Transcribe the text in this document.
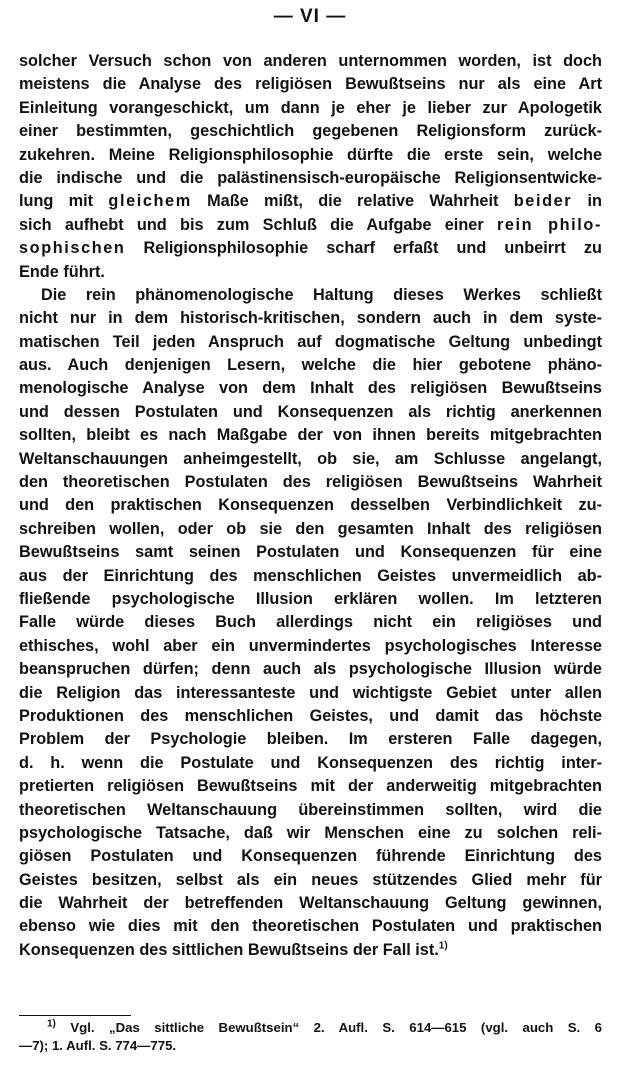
— VI —
solcher Versuch schon von anderen unternommen worden, ist doch
meistens die Analyse des religiösen Bewußtseins nur als eine Art
Einleitung vorangeschickt, um dann je eher je lieber zur Apologetik
einer bestimmten, geschichtlich gegebenen Religionsform zurück-
zukehren. Meine Religionsphilosophie dürfte die erste sein, welche
die indische und die palästinensisch-europäische Religionsentwicke-
lung mit gleichem Maße mißt, die relative Wahrheit beider in
sich aufhebt und bis zum Schluß die Aufgabe einer rein philo-
sophischen Religionsphilosophie scharf erfaßt und unbeirrt zu
Ende führt.
Die rein phänomenologische Haltung dieses Werkes schließt
nicht nur in dem historisch-kritischen, sondern auch in dem syste-
matischen Teil jeden Anspruch auf dogmatische Geltung unbedingt
aus. Auch denjenigen Lesern, welche die hier gebotene phäno-
menologische Analyse von dem Inhalt des religiösen Bewußtseins
und dessen Postulaten und Konsequenzen als richtig anerkennen
sollten, bleibt es nach Maßgabe der von ihnen bereits mitgebrachten
Weltanschauungen anheimgestellt, ob sie, am Schlusse angelangt,
den theoretischen Postulaten des religiösen Bewußtseins Wahrheit
und den praktischen Konsequenzen desselben Verbindlichkeit zu-
schreiben wollen, oder ob sie den gesamten Inhalt des religiösen
Bewußtseins samt seinen Postulaten und Konsequenzen für eine
aus der Einrichtung des menschlichen Geistes unvermeidlich ab-
fließende psychologische Illusion erklären wollen. Im letzteren
Falle würde dieses Buch allerdings nicht ein religiöses und
ethisches, wohl aber ein unvermindertes psychologisches Interesse
beanspruchen dürfen; denn auch als psychologische Illusion würde
die Religion das interessanteste und wichtigste Gebiet unter allen
Produktionen des menschlichen Geistes, und damit das höchste
Problem der Psychologie bleiben. Im ersteren Falle dagegen,
d. h. wenn die Postulate und Konsequenzen des richtig inter-
pretierten religiösen Bewußtseins mit der anderweitig mitgebrachten
theoretischen Weltanschauung übereinstimmen sollten, wird die
psychologische Tatsache, daß wir Menschen eine zu solchen reli-
giösen Postulaten und Konsequenzen führende Einrichtung des
Geistes besitzen, selbst als ein neues stützendes Glied mehr für
die Wahrheit der betreffenden Weltanschauung Geltung gewinnen,
ebenso wie dies mit den theoretischen Postulaten und praktischen
Konsequenzen des sittlichen Bewußtseins der Fall ist.$^{1)}$
$^{1)}$ Vgl. „Das sittliche Bewußtsein“ 2. Aufl. S. 614—615 (vgl. auch S. 6
—7); 1. Aufl. S. 774—775.
